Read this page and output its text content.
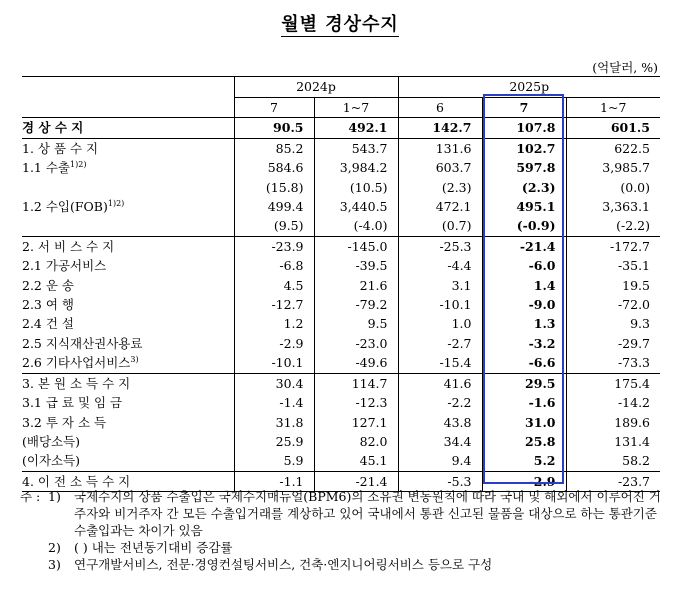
월별 경상수지
(억달러, %)
	2024p		2025p		
	7	1~7	6	7	1~7
경 상 수 지	90.5	492.1	142.7	107.8	601.5
1. 상 품 수 지	85.2	543.7	131.6	102.7	622.5
1.1 수출$^{1)2)}$	584.6	3,984.2	603.7	597.8	3,985.7
	(15.8)	(10.5)	(2.3)	(2.3)	(0.0)
1.2 수입(FOB)$^{1)2)}$	499.4	3,440.5	472.1	495.1	3,363.1
	(9.5)	(-4.0)	(0.7)	(-0.9)	(-2.2)
2. 서 비 스 수 지	-23.9	-145.0	-25.3	-21.4	-172.7
2.1 가공서비스	-6.8	-39.5	-4.4	-6.0	-35.1
2.2 운 송	4.5	21.6	3.1	1.4	19.5
2.3 여 행	-12.7	-79.2	-10.1	-9.0	-72.0
2.4 건 설	1.2	9.5	1.0	1.3	9.3
2.5 지식재산권사용료	-2.9	-23.0	-2.7	-3.2	-29.7
2.6 기타사업서비스$^{3)}$	-10.1	-49.6	-15.4	-6.6	-73.3
3. 본 원 소 득 수 지	30.4	114.7	41.6	29.5	175.4
3.1 급 료 및 임 금	-1.4	-12.3	-2.2	-1.6	-14.2
3.2 투 자 소 득	31.8	127.1	43.8	31.0	189.6
(배당소득)	25.9	82.0	34.4	25.8	131.4
(이자소득)	5.9	45.1	9.4	5.2	58.2
4. 이 전 소 득 수 지	-1.1	-21.4	-5.3	-2.9	-23.7
주 : 1)	국제수지의 상품 수출입은 국제수지매뉴얼(BPM6)의 소유권 변동원칙에 따라 국내 및 해외에서 이루어진 거주자와 비거주자 간 모든 수출입거래를 계상하고 있어 국내에서 통관 신고된 물품을 대상으로 하는 통관기준 수출입과는 차이가 있음
2)	( ) 내는 전년동기대비 증감률
3)	연구개발서비스, 전문·경영컨설팅서비스, 건축·엔지니어링서비스 등으로 구성
